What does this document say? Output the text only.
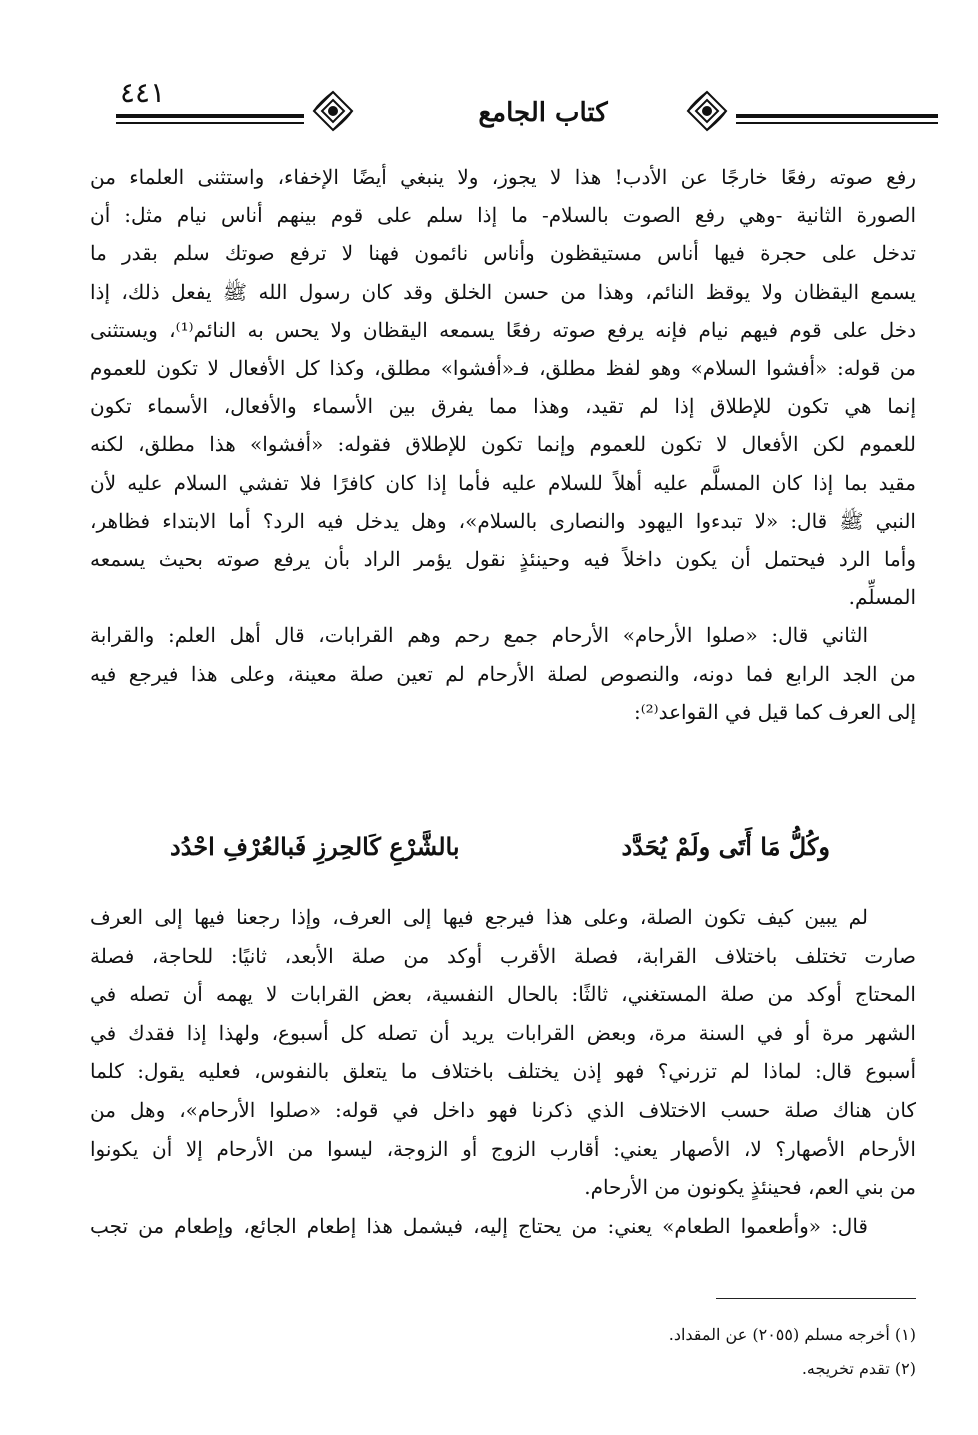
٤٤١
كتاب الجامع
رفع صوته رفعًا خارجًا عن الأدب! هذا لا يجوز، ولا ينبغي أيضًا الإخفاء، واستثنى العلماء من
الصورة الثانية -وهي رفع الصوت بالسلام- ما إذا سلم على قوم بينهم أناس نيام مثل: أن
تدخل على حجرة فيها أناس مستيقظون وأناس نائمون فهنا لا ترفع صوتك سلم بقدر ما
يسمع اليقظان ولا يوقظ النائم، وهذا من حسن الخلق وقد كان رسول الله ﷺ يفعل ذلك، إذا
دخل على قوم فيهم نيام فإنه يرفع صوته رفعًا يسمعه اليقظان ولا يحس به النائم⁽¹⁾، ويستثنى
من قوله: «أفشوا السلام» وهو لفظ مطلق، فـ«أفشوا» مطلق، وكذا كل الأفعال لا تكون للعموم
إنما هي تكون للإطلاق إذا لم تقيد، وهذا مما يفرق بين الأسماء والأفعال، الأسماء تكون
للعموم لكن الأفعال لا تكون للعموم وإنما تكون للإطلاق فقوله: «أفشوا» هذا مطلق، لكنه
مقيد بما إذا كان المسلَّم عليه أهلاً للسلام عليه فأما إذا كان كافرًا فلا تفشي السلام عليه لأن
النبي ﷺ قال: «لا تبدءوا اليهود والنصارى بالسلام»، وهل يدخل فيه الرد؟ أما الابتداء فظاهر،
وأما الرد فيحتمل أن يكون داخلاً فيه وحينئذٍ نقول يؤمر الراد بأن يرفع صوته بحيث يسمعه
المسلِّم.
الثاني قال: «صلوا الأرحام» الأرحام جمع رحم وهم القرابات، قال أهل العلم: والقرابة
من الجد الرابع فما دونه، والنصوص لصلة الأرحام لم تعين صلة معينة، وعلى هذا فيرجع فيه
إلى العرف كما قيل في القواعد⁽²⁾:
وكُلُّ مَا أَتَى ولَمْ يُحَدَّد
بالشَّرْعِ كَالحِرزِ فَبالعُرْفِ احْدُد
لم يبين كيف تكون الصلة، وعلى هذا فيرجع فيها إلى العرف، وإذا رجعنا فيها إلى العرف
صارت تختلف باختلاف القرابة، فصلة الأقرب أوكد من صلة الأبعد، ثانيًا: للحاجة، فصلة
المحتاج أوكد من صلة المستغني، ثالثًا: بالحال النفسية، بعض القرابات لا يهمه أن تصله في
الشهر مرة أو في السنة مرة، وبعض القرابات يريد أن تصله كل أسبوع، ولهذا إذا فقدك في
أسبوع قال: لماذا لم تزرني؟ فهو إذن يختلف باختلاف ما يتعلق بالنفوس، فعليه يقول: كلما
كان هناك صلة حسب الاختلاف الذي ذكرنا فهو داخل في قوله: «صلوا الأرحام»، وهل من
الأرحام الأصهار؟ لا، الأصهار يعني: أقارب الزوج أو الزوجة، ليسوا من الأرحام إلا أن يكونوا
من بني العم، فحينئذٍ يكونون من الأرحام.
قال: «وأطعموا الطعام» يعني: من يحتاج إليه، فيشمل هذا إطعام الجائع، وإطعام من تجب
(١) أخرجه مسلم (٢٠٥٥) عن المقداد.
(٢) تقدم تخريجه.
